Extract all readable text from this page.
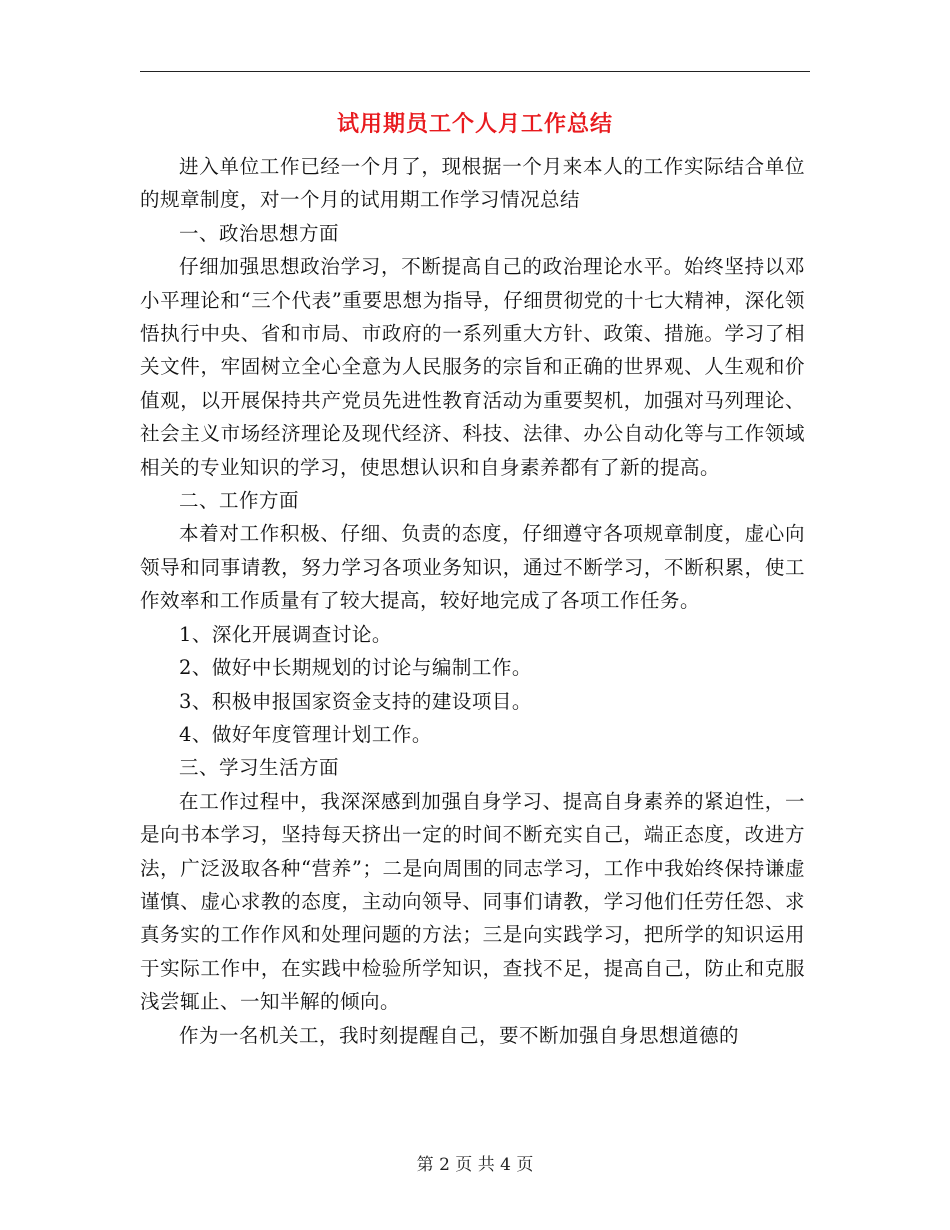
试用期员工个人月工作总结

进入单位工作已经一个月了，现根据一个月来本人的工作实际结合单位的规章制度，对一个月的试用期工作学习情况总结

一、政治思想方面

仔细加强思想政治学习，不断提高自己的政治理论水平。始终坚持以邓小平理论和“三个代表”重要思想为指导，仔细贯彻党的十七大精神，深化领悟执行中央、省和市局、市政府的一系列重大方针、政策、措施。学习了相关文件，牢固树立全心全意为人民服务的宗旨和正确的世界观、人生观和价值观，以开展保持共产党员先进性教育活动为重要契机，加强对马列理论、社会主义市场经济理论及现代经济、科技、法律、办公自动化等与工作领域相关的专业知识的学习，使思想认识和自身素养都有了新的提高。

二、工作方面

本着对工作积极、仔细、负责的态度，仔细遵守各项规章制度，虚心向领导和同事请教，努力学习各项业务知识，通过不断学习，不断积累，使工作效率和工作质量有了较大提高，较好地完成了各项工作任务。

1、深化开展调查讨论。

2、做好中长期规划的讨论与编制工作。

3、积极申报国家资金支持的建设项目。

4、做好年度管理计划工作。

三、学习生活方面

在工作过程中，我深深感到加强自身学习、提高自身素养的紧迫性，一是向书本学习，坚持每天挤出一定的时间不断充实自己，端正态度，改进方法，广泛汲取各种“营养”；二是向周围的同志学习，工作中我始终保持谦虚谨慎、虚心求教的态度，主动向领导、同事们请教，学习他们任劳任怨、求真务实的工作作风和处理问题的方法；三是向实践学习，把所学的知识运用于实际工作中，在实践中检验所学知识，查找不足，提高自己，防止和克服浅尝辄止、一知半解的倾向。

作为一名机关工，我时刻提醒自己，要不断加强自身思想道德的

第 2 页 共 4 页
